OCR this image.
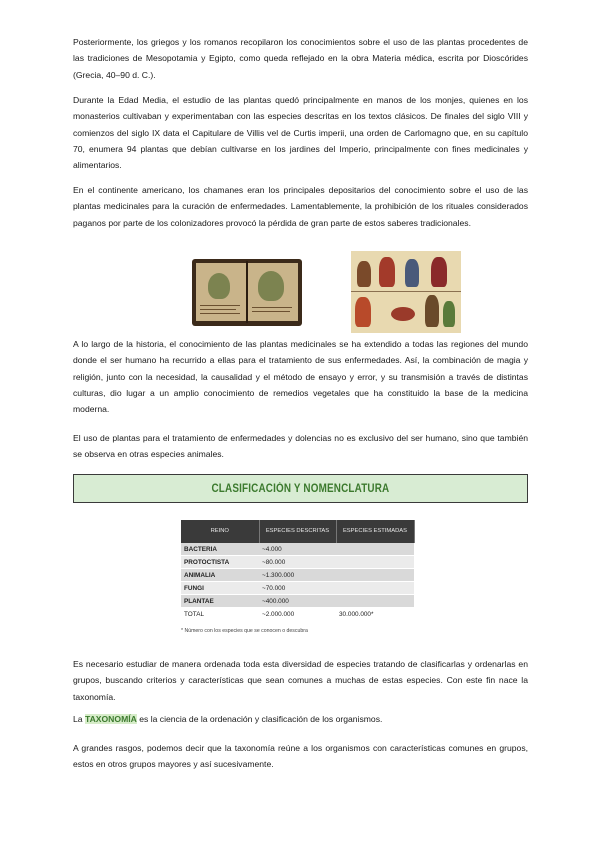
Posteriormente, los griegos y los romanos recopilaron los conocimientos sobre el uso de las plantas procedentes de las tradiciones de Mesopotamia y Egipto, como queda reflejado en la obra Materia médica, escrita por Dioscórides (Grecia, 40–90 d. C.).

Durante la Edad Media, el estudio de las plantas quedó principalmente en manos de los monjes, quienes en los monasterios cultivaban y experimentaban con las especies descritas en los textos clásicos. De finales del siglo VIII y comienzos del siglo IX data el Capitulare de Villis vel de Curtis imperii, una orden de Carlomagno que, en su capítulo 70, enumera 94 plantas que debían cultivarse en los jardines del Imperio, principalmente con fines medicinales y alimentarios.

En el continente americano, los chamanes eran los principales depositarios del conocimiento sobre el uso de las plantas medicinales para la curación de enfermedades. Lamentablemente, la prohibición de los rituales considerados paganos por parte de los colonizadores provocó la pérdida de gran parte de estos saberes tradicionales.

A lo largo de la historia, el conocimiento de las plantas medicinales se ha extendido a todas las regiones del mundo donde el ser humano ha recurrido a ellas para el tratamiento de sus enfermedades. Así, la combinación de magia y religión, junto con la necesidad, la causalidad y el método de ensayo y error, y su transmisión a través de distintas culturas, dio lugar a un amplio conocimiento de remedios vegetales que ha constituido la base de la medicina moderna.

El uso de plantas para el tratamiento de enfermedades y dolencias no es exclusivo del ser humano, sino que también se observa en otras especies animales.

CLASIFICACIÓN Y NOMENCLATURA
REINO	ESPECIES DESCRITAS	ESPECIES ESTIMADAS
BACTERIA	~4.000	
PROTOCTISTA	~80.000	
ANIMALIA	~1.300.000	
FUNGI	~70.000	
PLANTAE	~400.000	
TOTAL	~2.000.000	30.000.000*
* Número con los especies que se conocen o descubra

Es necesario estudiar de manera ordenada toda esta diversidad de especies tratando de clasificarlas y ordenarlas en grupos, buscando criterios y características que sean comunes a muchas de estas especies. Con este fin nace la taxonomía.

La TAXONOMÍA es la ciencia de la ordenación y clasificación de los organismos.

A grandes rasgos, podemos decir que la taxonomía reúne a los organismos con características comunes en grupos, estos en otros grupos mayores y así sucesivamente.
